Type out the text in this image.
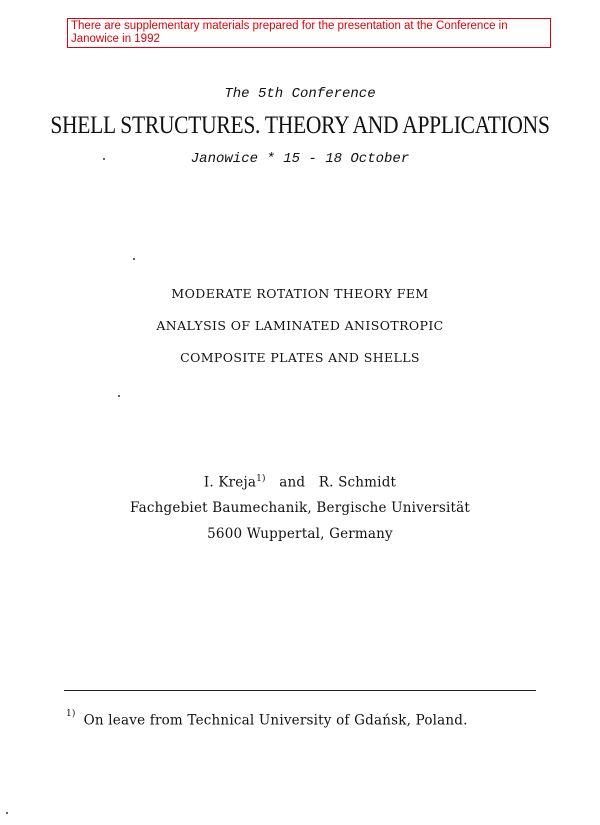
There are supplementary materials prepared for the presentation at the Conference in Janowice in 1992
The 5th Conference
SHELL STRUCTURES. THEORY AND APPLICATIONS
Janowice * 15 - 18 October
MODERATE ROTATION THEORY FEM
ANALYSIS OF LAMINATED ANISOTROPIC
COMPOSITE PLATES AND SHELLS
I. Kreja$^{1)}$ and R. Schmidt
Fachgebiet Baumechanik, Bergische Universität
5600 Wuppertal, Germany
$^{1)}$ On leave from Technical University of Gdańsk, Poland.
